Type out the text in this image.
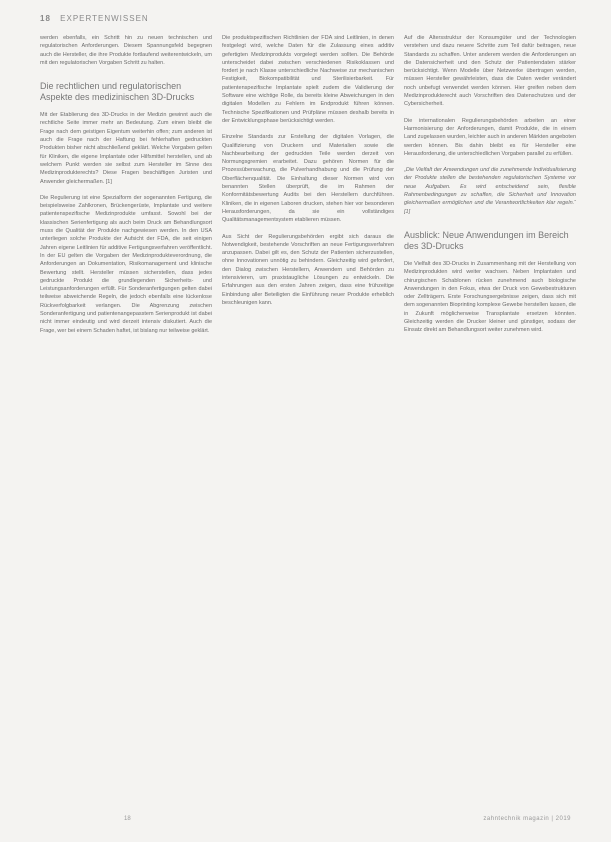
18 EXPERTENWISSEN

werden ebenfalls, ein Schritt hin zu neuen technischen und regulatorischen Anforderungen. Diesem Spannungsfeld begegnen auch die Hersteller, die ihre Produkte fortlaufend weiterentwickeln, um mit den regulatorischen Vorgaben Schritt zu halten.

Die rechtlichen und regulatorischen Aspekte des medizinischen 3D-Drucks

Mit der Etablierung des 3D-Drucks in der Medizin gewinnt auch die rechtliche Seite immer mehr an Bedeutung. Zum einen bleibt die Frage nach dem geistigen Eigentum weiterhin offen; zum anderen ist auch die Frage nach der Haftung bei fehlerhaften gedruckten Produkten bisher nicht abschließend geklärt. Welche Vorgaben gelten für Kliniken, die eigene Implantate oder Hilfsmittel herstellen, und ab welchem Punkt werden sie selbst zum Hersteller im Sinne des Medizinprodukterechts? Diese Fragen beschäftigen Juristen und Anwender gleichermaßen. [1]

Die Regulierung ist eine Spezialform der sogenannten Fertigung, die beispielsweise Zahlkronen, Brückengerüste, Implantate und weitere patientenspezifische Medizinprodukte umfasst. Sowohl bei der klassischen Serienfertigung als auch beim Druck am Behandlungsort muss die Qualität der Produkte nachgewiesen werden. In den USA unterliegen solche Produkte der Aufsicht der FDA, die seit einigen Jahren eigene Leitlinien für additive Fertigungsverfahren veröffentlicht. In der EU gelten die Vorgaben der Medizinprodukteverordnung, die Anforderungen an Dokumentation, Risikomanagement und klinische Bewertung stellt. Hersteller müssen sicherstellen, dass jedes gedruckte Produkt die grundlegenden Sicherheits- und Leistungsanforderungen erfüllt. Für Sonderanfertigungen gelten dabei teilweise abweichende Regeln, die jedoch ebenfalls eine lückenlose Rückverfolgbarkeit verlangen. Die Abgrenzung zwischen Sonderanfertigung und patientenangepasstem Serienprodukt ist dabei nicht immer eindeutig und wird derzeit intensiv diskutiert. Auch die Frage, wer bei einem Schaden haftet, ist bislang nur teilweise geklärt.

Die produktspezifischen Richtlinien der FDA sind Leitlinien, in denen festgelegt wird, welche Daten für die Zulassung eines additiv gefertigten Medizinprodukts vorgelegt werden sollten. Die Behörde unterscheidet dabei zwischen verschiedenen Risikoklassen und fordert je nach Klasse unterschiedliche Nachweise zur mechanischen Festigkeit, Biokompatibilität und Sterilisierbarkeit. Für patientenspezifische Implantate spielt zudem die Validierung der Software eine wichtige Rolle, da bereits kleine Abweichungen in den digitalen Modellen zu Fehlern im Endprodukt führen können. Technische Spezifikationen und Prüfpläne müssen deshalb bereits in der Entwicklungsphase berücksichtigt werden.

Einzelne Standards zur Erstellung der digitalen Vorlagen, die Qualifizierung von Druckern und Materialien sowie die Nachbearbeitung der gedruckten Teile werden derzeit von Normungsgremien erarbeitet. Dazu gehören Normen für die Prozessüberwachung, die Pulverhandhabung und die Prüfung der Oberflächenqualität. Die Einhaltung dieser Normen wird von benannten Stellen überprüft, die im Rahmen der Konformitätsbewertung Audits bei den Herstellern durchführen. Kliniken, die in eigenen Laboren drucken, stehen hier vor besonderen Herausforderungen, da sie ein vollständiges Qualitätsmanagementsystem etablieren müssen.

Aus Sicht der Regulierungsbehörden ergibt sich daraus die Notwendigkeit, bestehende Vorschriften an neue Fertigungsverfahren anzupassen. Dabei gilt es, den Schutz der Patienten sicherzustellen, ohne Innovationen unnötig zu behindern. Gleichzeitig wird gefordert, den Dialog zwischen Herstellern, Anwendern und Behörden zu intensivieren, um praxistaugliche Lösungen zu entwickeln. Die Erfahrungen aus den ersten Jahren zeigen, dass eine frühzeitige Einbindung aller Beteiligten die Einführung neuer Produkte erheblich beschleunigen kann.

Auf die Altersstruktur der Konsumgüter und der Technologien verstehen und dazu neuere Schritte zum Teil dafür beitragen, neue Standards zu schaffen. Unter anderem werden die Anforderungen an die Datensicherheit und den Schutz der Patientendaten stärker berücksichtigt. Wenn Modelle über Netzwerke übertragen werden, müssen Hersteller gewährleisten, dass die Daten weder verändert noch unbefugt verwendet werden können. Hier greifen neben dem Medizinprodukterecht auch Vorschriften des Datenschutzes und der Cybersicherheit.

Die internationalen Regulierungsbehörden arbeiten an einer Harmonisierung der Anforderungen, damit Produkte, die in einem Land zugelassen wurden, leichter auch in anderen Märkten angeboten werden können. Bis dahin bleibt es für Hersteller eine Herausforderung, die unterschiedlichen Vorgaben parallel zu erfüllen.

„Die Vielfalt der Anwendungen und die zunehmende Individualisierung der Produkte stellen die bestehenden regulatorischen Systeme vor neue Aufgaben. Es wird entscheidend sein, flexible Rahmenbedingungen zu schaffen, die Sicherheit und Innovation gleichermaßen ermöglichen und die Verantwortlichkeiten klar regeln.“ [1]

Ausblick: Neue Anwendungen im Bereich des 3D-Drucks

Die Vielfalt des 3D-Drucks in Zusammenhang mit der Herstellung von Medizinprodukten wird weiter wachsen. Neben Implantaten und chirurgischen Schablonen rücken zunehmend auch biologische Anwendungen in den Fokus, etwa der Druck von Gewebestrukturen oder Zellträgern. Erste Forschungsergebnisse zeigen, dass sich mit dem sogenannten Bioprinting komplexe Gewebe herstellen lassen, die in Zukunft möglicherweise Transplantate ersetzen könnten. Gleichzeitig werden die Drucker kleiner und günstiger, sodass der Einsatz direkt am Behandlungsort weiter zunehmen wird.

18	zahntechnik magazin | 2019
